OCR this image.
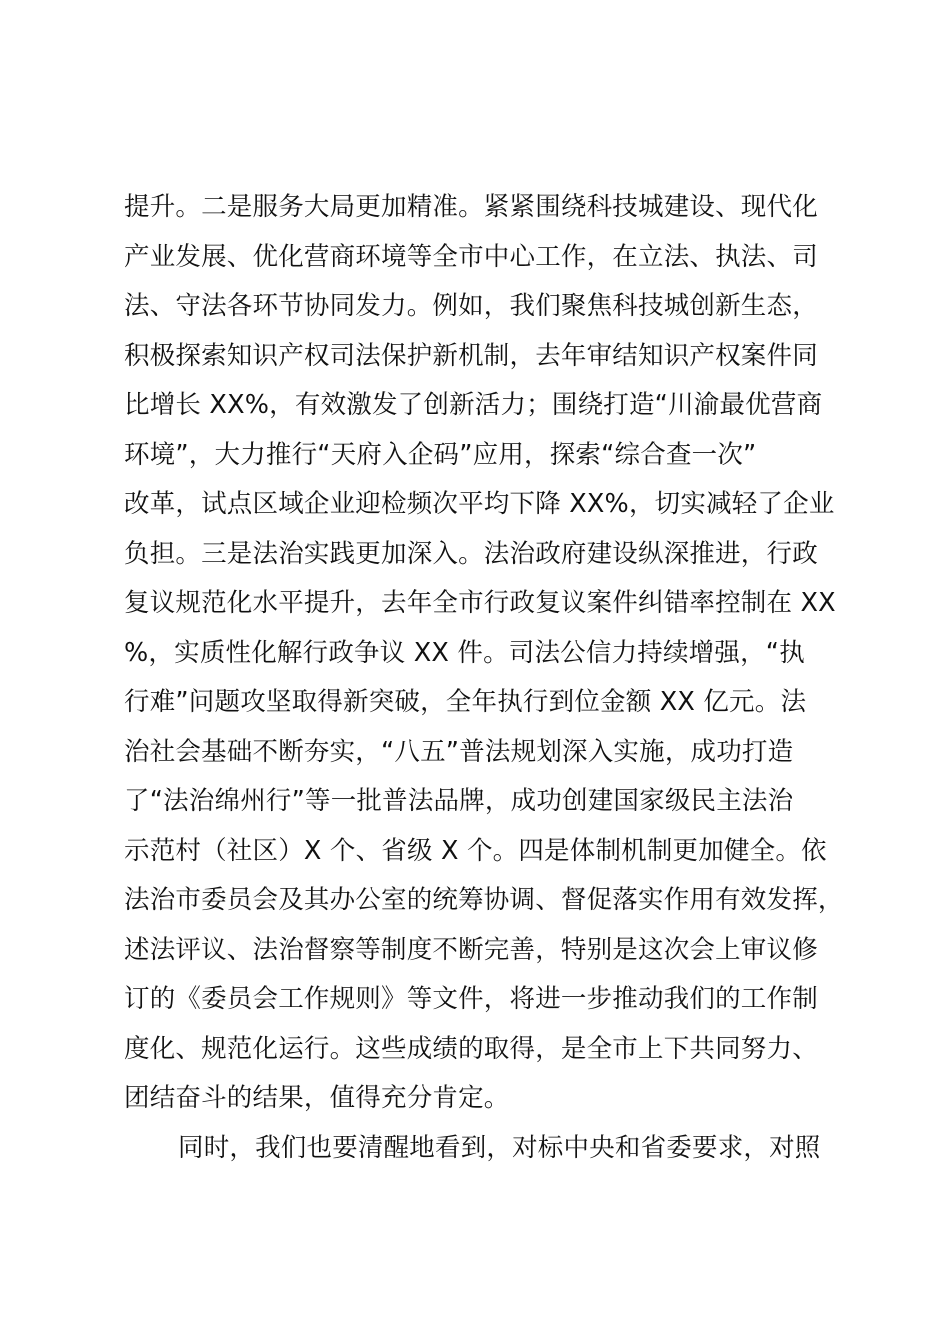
提升。二是服务大局更加精准。紧紧围绕科技城建设、现代化
产业发展、优化营商环境等全市中心工作，在立法、执法、司
法、守法各环节协同发力。例如，我们聚焦科技城创新生态，
积极探索知识产权司法保护新机制，去年审结知识产权案件同
比增长 XX%，有效激发了创新活力；围绕打造“川渝最优营商
环境”，大力推行“天府入企码”应用，探索“综合查一次”
改革，试点区域企业迎检频次平均下降 XX%，切实减轻了企业
负担。三是法治实践更加深入。法治政府建设纵深推进，行政
复议规范化水平提升，去年全市行政复议案件纠错率控制在 XX
%，实质性化解行政争议 XX 件。司法公信力持续增强，“执
行难”问题攻坚取得新突破，全年执行到位金额 XX 亿元。法
治社会基础不断夯实，“八五”普法规划深入实施，成功打造
了“法治绵州行”等一批普法品牌，成功创建国家级民主法治
示范村（社区）X 个、省级 X 个。四是体制机制更加健全。依
法治市委员会及其办公室的统筹协调、督促落实作用有效发挥，
述法评议、法治督察等制度不断完善，特别是这次会上审议修
订的《委员会工作规则》等文件，将进一步推动我们的工作制
度化、规范化运行。这些成绩的取得，是全市上下共同努力、
团结奋斗的结果，值得充分肯定。
同时，我们也要清醒地看到，对标中央和省委要求，对照
